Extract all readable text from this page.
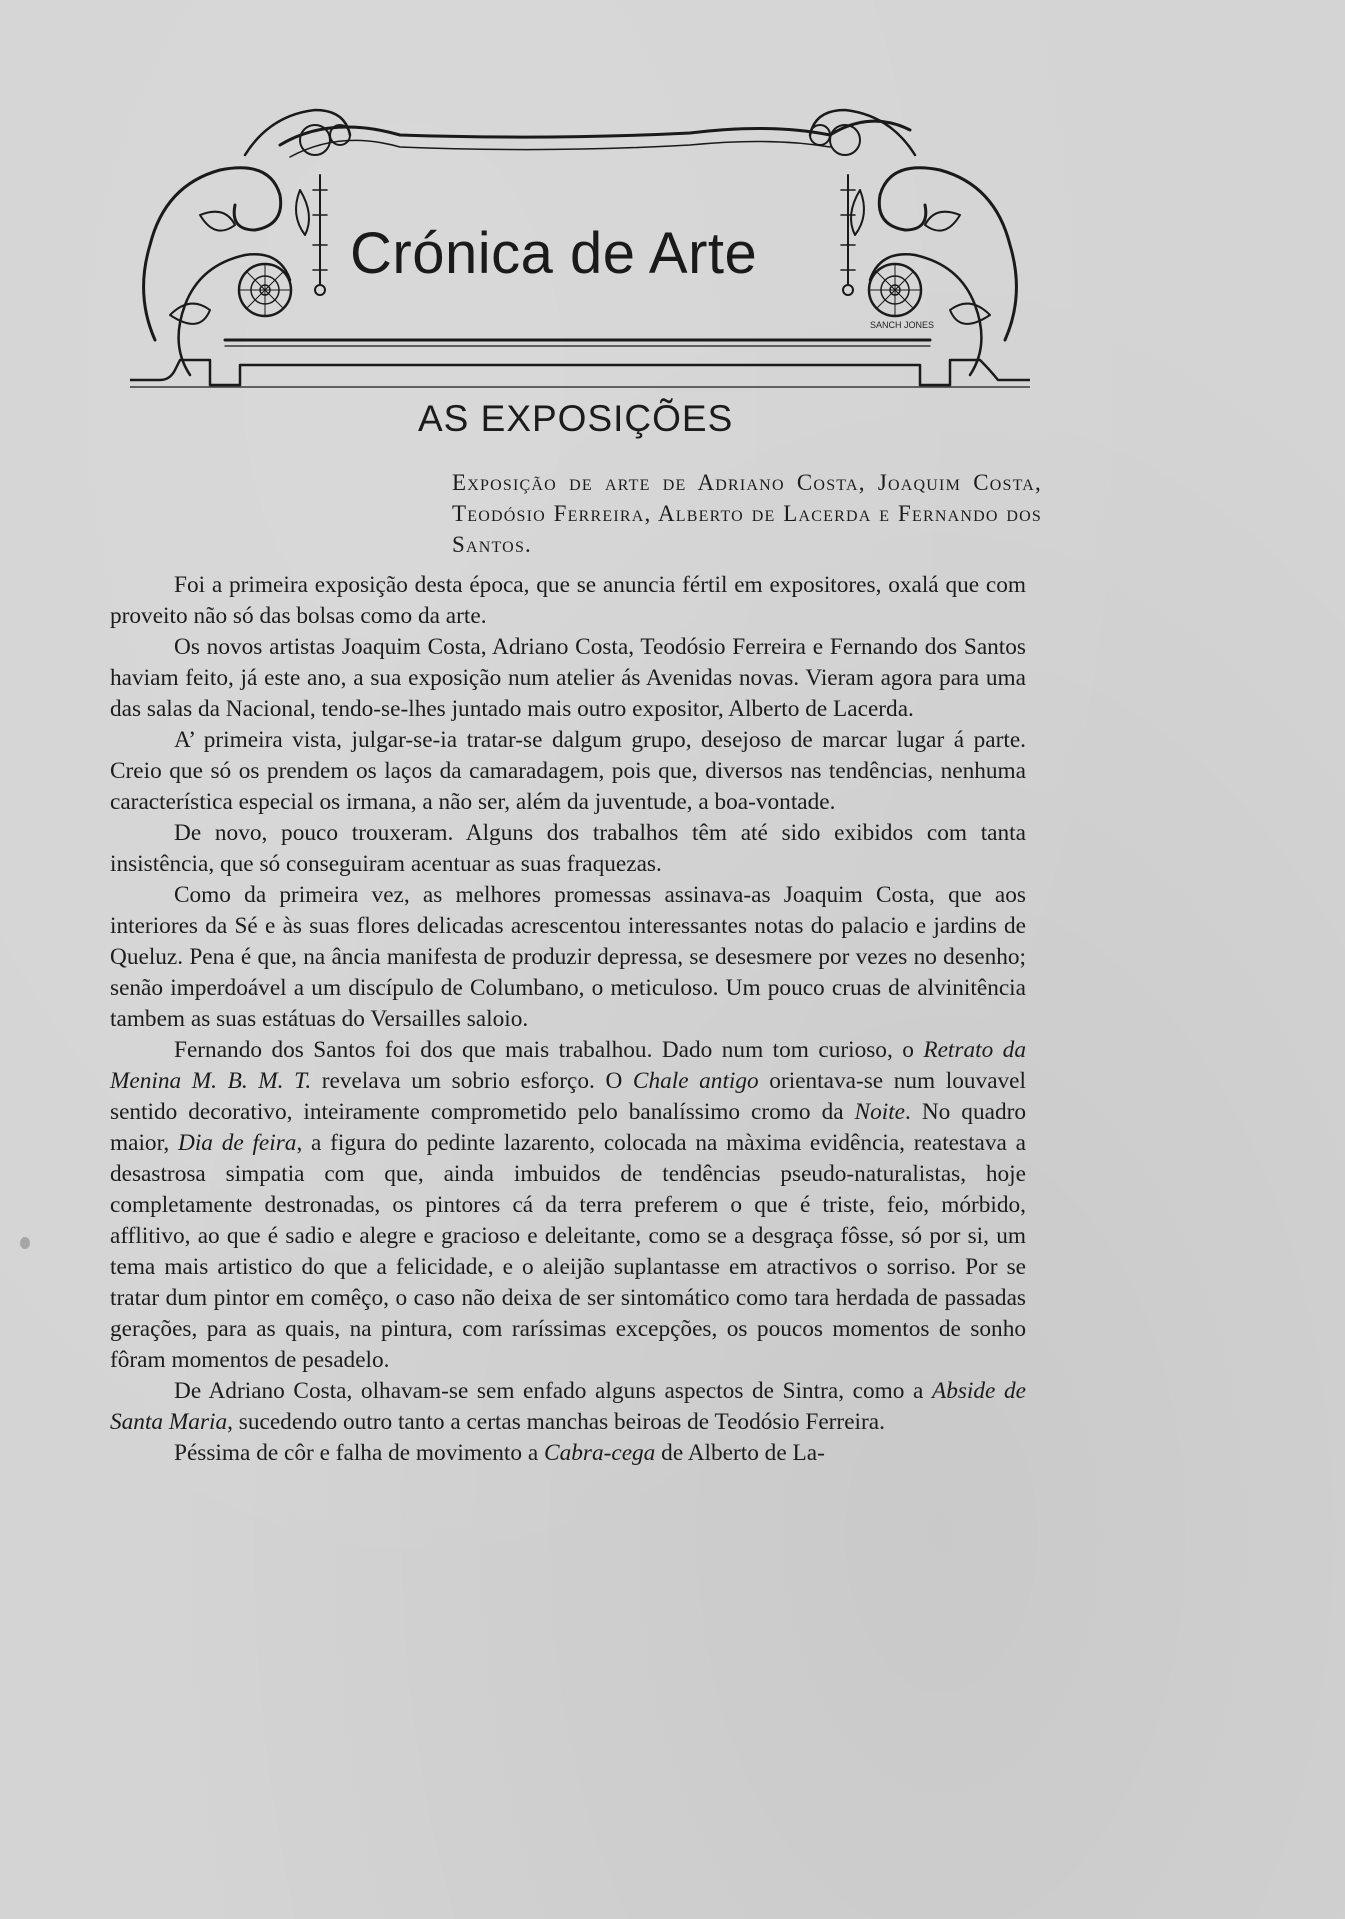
Crónica de Arte
SANCH JONES
AS EXPOSIÇÕES
Exposição de arte de Adriano Costa, Joaquim Costa, Teodósio Ferreira, Alberto de Lacerda e Fernando dos Santos.

Foi a primeira exposição desta época, que se anuncia fértil em expositores, oxalá que com proveito não só das bolsas como da arte.

Os novos artistas Joaquim Costa, Adriano Costa, Teodósio Ferreira e Fernando dos Santos haviam feito, já este ano, a sua exposição num atelier ás Avenidas novas. Vieram agora para uma das salas da Nacional, tendo-se-lhes juntado mais outro expositor, Alberto de Lacerda.

A’ primeira vista, julgar-se-ia tratar-se dalgum grupo, desejoso de marcar lugar á parte. Creio que só os prendem os laços da camaradagem, pois que, diversos nas tendências, nenhuma característica especial os irmana, a não ser, além da juventude, a boa-vontade.

De novo, pouco trouxeram. Alguns dos trabalhos têm até sido exibidos com tanta insistência, que só conseguiram acentuar as suas fraquezas.

Como da primeira vez, as melhores promessas assinava-as Joaquim Costa, que aos interiores da Sé e às suas flores delicadas acrescentou interessantes notas do palacio e jardins de Queluz. Pena é que, na ância manifesta de produzir depressa, se desesmere por vezes no desenho; senão imperdoável a um discípulo de Columbano, o meticuloso. Um pouco cruas de alvinitência tambem as suas estátuas do Versailles saloio.

Fernando dos Santos foi dos que mais trabalhou. Dado num tom curioso, o Retrato da Menina M. B. M. T. revelava um sobrio esforço. O Chale antigo orientava-se num louvavel sentido decorativo, inteiramente comprometido pelo banalíssimo cromo da Noite. No quadro maior, Dia de feira, a figura do pedinte lazarento, colocada na màxima evidência, reatestava a desastrosa simpatia com que, ainda imbuidos de tendências pseudo-naturalistas, hoje completamente destronadas, os pintores cá da terra preferem o que é triste, feio, mórbido, afflitivo, ao que é sadio e alegre e gracioso e deleitante, como se a desgraça fôsse, só por si, um tema mais artistico do que a felicidade, e o aleijão suplantasse em atractivos o sorriso. Por se tratar dum pintor em comêço, o caso não deixa de ser sintomático como tara herdada de passadas gerações, para as quais, na pintura, com raríssimas excepções, os poucos momentos de sonho fôram momentos de pesadelo.

De Adriano Costa, olhavam-se sem enfado alguns aspectos de Sintra, como a Abside de Santa Maria, sucedendo outro tanto a certas manchas beiroas de Teodósio Ferreira.

Péssima de côr e falha de movimento a Cabra-cega de Alberto de La-
